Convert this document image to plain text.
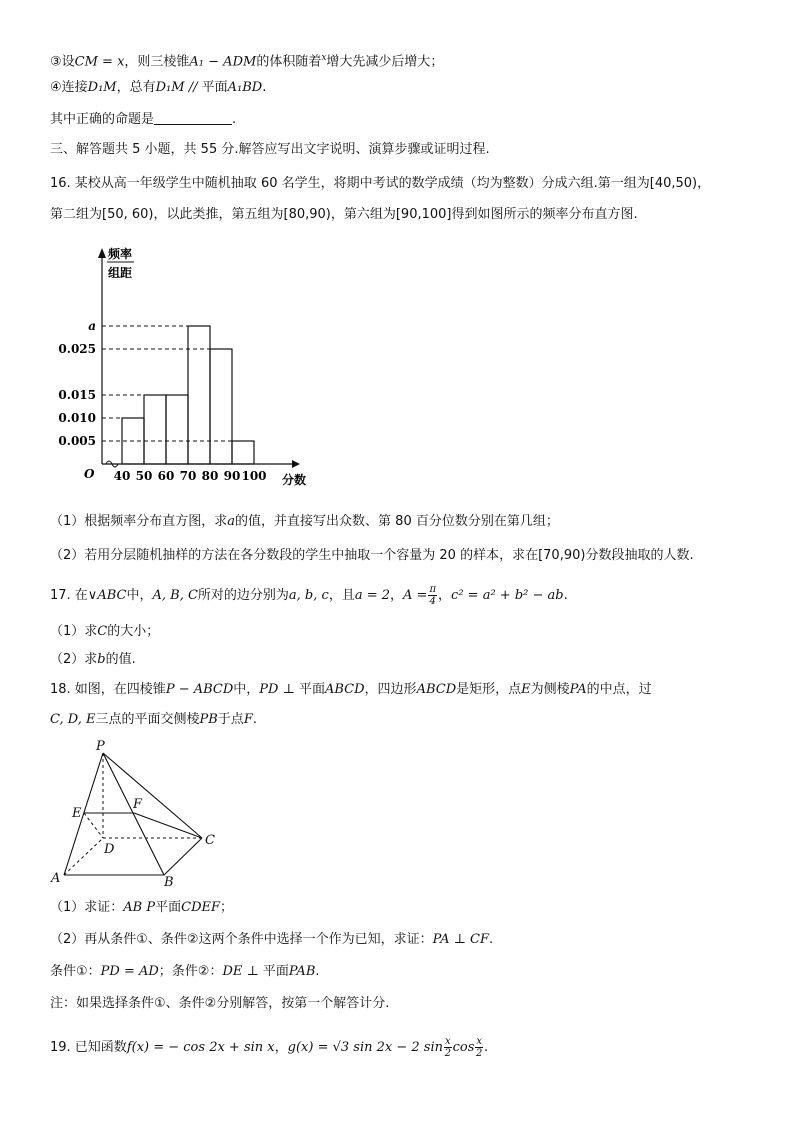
③设CM = x，则三棱锥A₁ − ADM的体积随着$^x$增大先减少后增大；
④连接D₁M，总有D₁M // 平面A₁BD.
其中正确的命题是	.
三、解答题共 5 小题，共 55 分.解答应写出文字说明、演算步骤或证明过程.
16. 某校从高一年级学生中随机抽取 60 名学生，将期中考试的数学成绩（均为整数）分成六组.第一组为[40,50)，
第二组为[50, 60)，以此类推，第五组为[80,90)，第六组为[90,100]得到如图所示的频率分布直方图.
频率
组距
分数
O
0.005
0.010
0.015
0.025
a
40 50 60 70 80 90 100
（1）根据频率分布直方图，求a的值，并直接写出众数、第 80 百分位数分别在第几组；
（2）若用分层随机抽样的方法在各分数段的学生中抽取一个容量为 20 的样本，求在[70,90)分数段抽取的人数.
17. 在∨ABC中，A, B, C所对的边分别为a, b, c，且a = 2，$A = \frac{\pi}{4}$ ，c² = a² + b² − ab.
（1）求C的大小；
（2）求b的值.
18. 如图，在四棱锥P − ABCD中，PD ⊥ 平面ABCD，四边形ABCD是矩形，点E为侧棱PA的中点，过
C, D, E三点的平面交侧棱PB于点F.
P
E
F
D
C
A	B
（1）求证：AB P平面CDEF；
（2）再从条件①、条件②这两个条件中选择一个作为已知，求证：PA ⊥ CF.
条件①：PD = AD；条件②：DE ⊥ 平面PAB.
注：如果选择条件①、条件②分别解答，按第一个解答计分.
19. 已知函数f(x) = − cos 2x + sin x，g(x) = √3 sin 2x − 2 $\sin \frac{x}{2}$ $\cos \frac{x}{2}$ .
